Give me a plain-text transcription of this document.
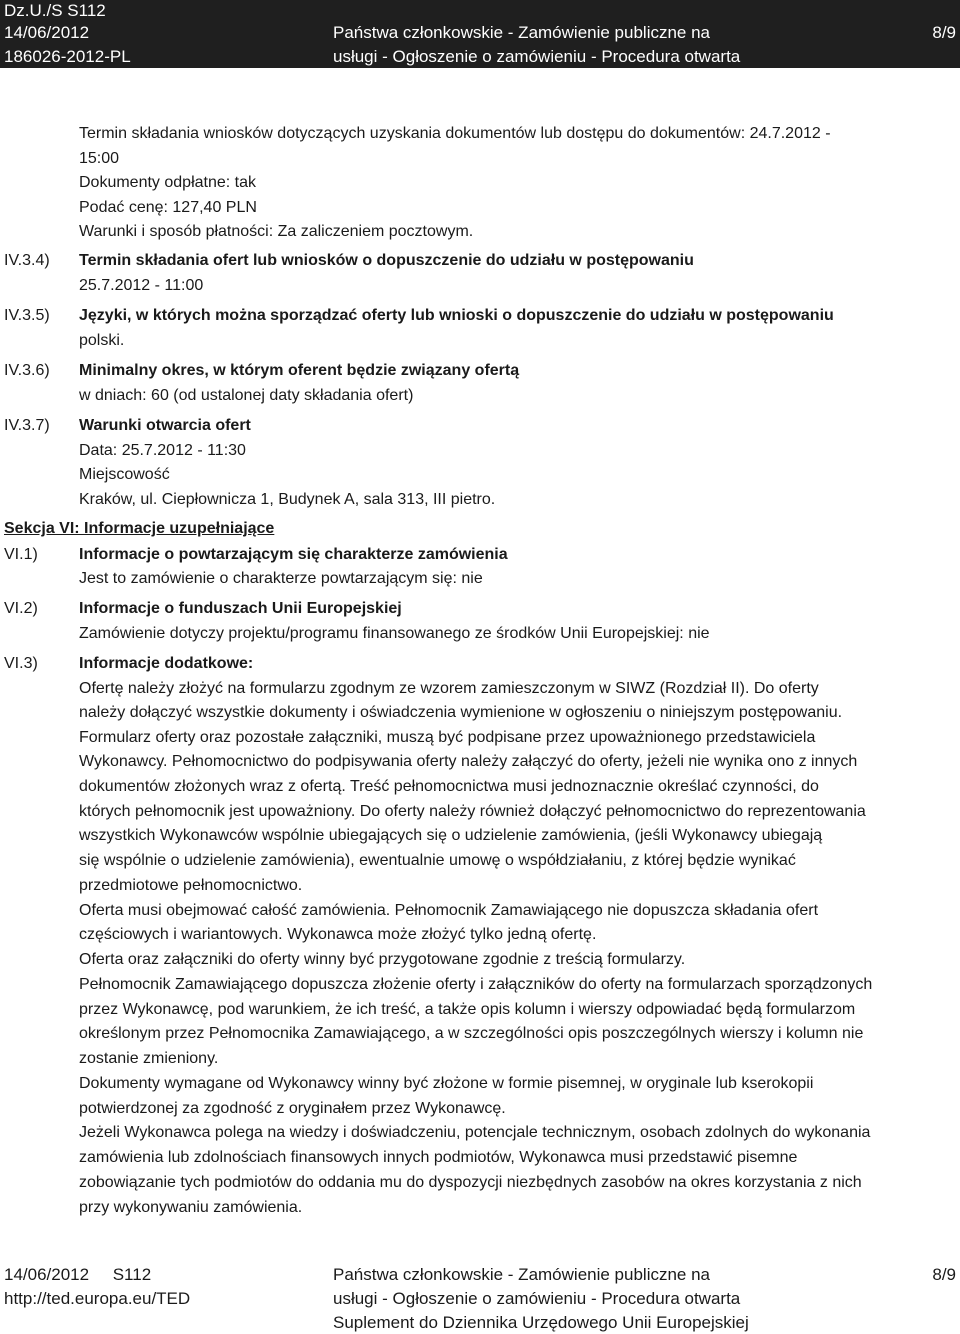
Dz.U./S S112
14/06/2012
186026-2012-PL
Państwa członkowskie - Zamówienie publiczne na
usługi - Ogłoszenie o zamówieniu - Procedura otwarta
8/9
Termin składania wniosków dotyczących uzyskania dokumentów lub dostępu do dokumentów: 24.7.2012 -
15:00
Dokumenty odpłatne: tak
Podać cenę: 127,40 PLN
Warunki i sposób płatności: Za zaliczeniem pocztowym.
IV.3.4) Termin składania ofert lub wniosków o dopuszczenie do udziału w postępowaniu
25.7.2012 - 11:00
IV.3.5) Języki, w których można sporządzać oferty lub wnioski o dopuszczenie do udziału w postępowaniu
polski.
IV.3.6) Minimalny okres, w którym oferent będzie związany ofertą
w dniach: 60 (od ustalonej daty składania ofert)
IV.3.7) Warunki otwarcia ofert
Data: 25.7.2012 - 11:30
Miejscowość
Kraków, ul. Ciepłownicza 1, Budynek A, sala 313, III pietro.
Sekcja VI: Informacje uzupełniające
VI.1)	Informacje o powtarzającym się charakterze zamówienia
Jest to zamówienie o charakterze powtarzającym się: nie
VI.2)	Informacje o funduszach Unii Europejskiej
Zamówienie dotyczy projektu/programu finansowanego ze środków Unii Europejskiej: nie
VI.3)	Informacje dodatkowe:
Ofertę należy złożyć na formularzu zgodnym ze wzorem zamieszczonym w SIWZ (Rozdział II). Do oferty
należy dołączyć wszystkie dokumenty i oświadczenia wymienione w ogłoszeniu o niniejszym postępowaniu.
Formularz oferty oraz pozostałe załączniki, muszą być podpisane przez upoważnionego przedstawiciela
Wykonawcy. Pełnomocnictwo do podpisywania oferty należy załączyć do oferty, jeżeli nie wynika ono z innych
dokumentów złożonych wraz z ofertą. Treść pełnomocnictwa musi jednoznacznie określać czynności, do
których pełnomocnik jest upoważniony. Do oferty należy również dołączyć pełnomocnictwo do reprezentowania
wszystkich Wykonawców wspólnie ubiegających się o udzielenie zamówienia, (jeśli Wykonawcy ubiegają
się wspólnie o udzielenie zamówienia), ewentualnie umowę o współdziałaniu, z której będzie wynikać
przedmiotowe pełnomocnictwo.
Oferta musi obejmować całość zamówienia. Pełnomocnik Zamawiającego nie dopuszcza składania ofert
częściowych i wariantowych. Wykonawca może złożyć tylko jedną ofertę.
Oferta oraz załączniki do oferty winny być przygotowane zgodnie z treścią formularzy.
Pełnomocnik Zamawiającego dopuszcza złożenie oferty i załączników do oferty na formularzach sporządzonych
przez Wykonawcę, pod warunkiem, że ich treść, a także opis kolumn i wierszy odpowiadać będą formularzom
określonym przez Pełnomocnika Zamawiającego, a w szczególności opis poszczególnych wierszy i kolumn nie
zostanie zmieniony.
Dokumenty wymagane od Wykonawcy winny być złożone w formie pisemnej, w oryginale lub kserokopii
potwierdzonej za zgodność z oryginałem przez Wykonawcę.
Jeżeli Wykonawca polega na wiedzy i doświadczeniu, potencjale technicznym, osobach zdolnych do wykonania
zamówienia lub zdolnościach finansowych innych podmiotów, Wykonawca musi przedstawić pisemne
zobowiązanie tych podmiotów do oddania mu do dyspozycji niezbędnych zasobów na okres korzystania z nich
przy wykonywaniu zamówienia.
14/06/2012 S112
http://ted.europa.eu/TED
Państwa członkowskie - Zamówienie publiczne na
usługi - Ogłoszenie o zamówieniu - Procedura otwarta
Suplement do Dziennika Urzędowego Unii Europejskiej
8/9
